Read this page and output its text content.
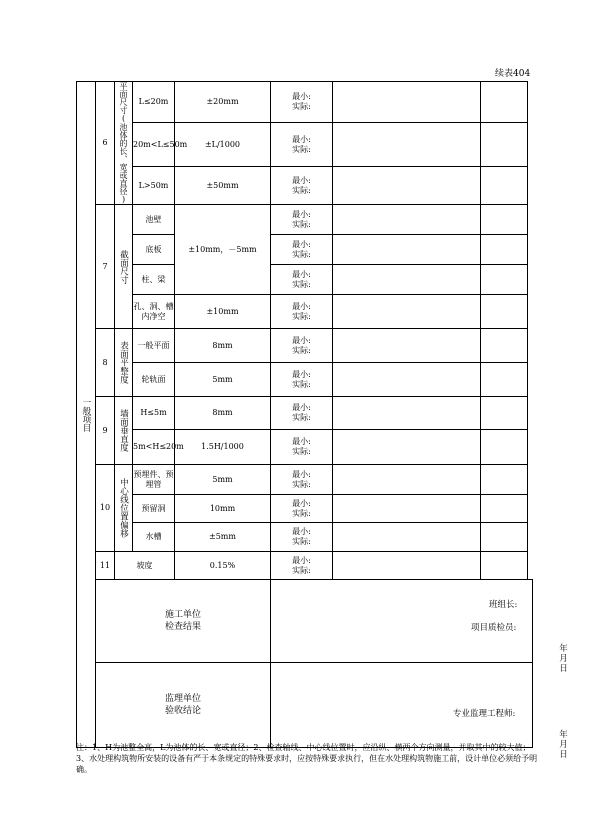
续表404
一般项目	6	平面尺寸(池体的长、宽或直径)	L≤20m	±20mm	最小:
实际:		
			20m<L≤50m	±L/1000	最小:
实际:		
			L>50m	±50mm	最小:
实际:		
	7	截面尺寸	池壁	±10mm，－5mm	最小:
实际:		
			底板		最小:
实际:		
			柱、梁		最小:
实际:		
			孔、洞、槽内净空	±10mm	最小:
实际:		
	8	表面平整度	一般平面	8mm	最小:
实际:		
			轮轨面	5mm	最小:
实际:		
	9	墙面垂直度	H≤5m	8mm	最小:
实际:		
			5m<H≤20m	1.5H/1000	最小:
实际:		
	10	中心线位置偏移	预埋件、预埋管	5mm	最小:
实际:		
			预留洞	10mm	最小:
实际:		
			水槽	±5mm	最小:
实际:		
	11	坡度		0.15%	最小:
实际:		
	施工单位
检查结果				班组长:
项目质检员:
年　月　日		

	监理单位
验收结论				专业监理工程师:
年　月　日		
注：1、H为池整全高，L为池体的长、宽或直径；2、检查轴线、中心线位置时，应沿纵、横两个方向测量，并取其中的较大值；3、水处理构筑物所安装的设备有严于本条规定的特殊要求时，应按特殊要求执行，但在水处理构筑物施工前，设计单位必须给予明确。
